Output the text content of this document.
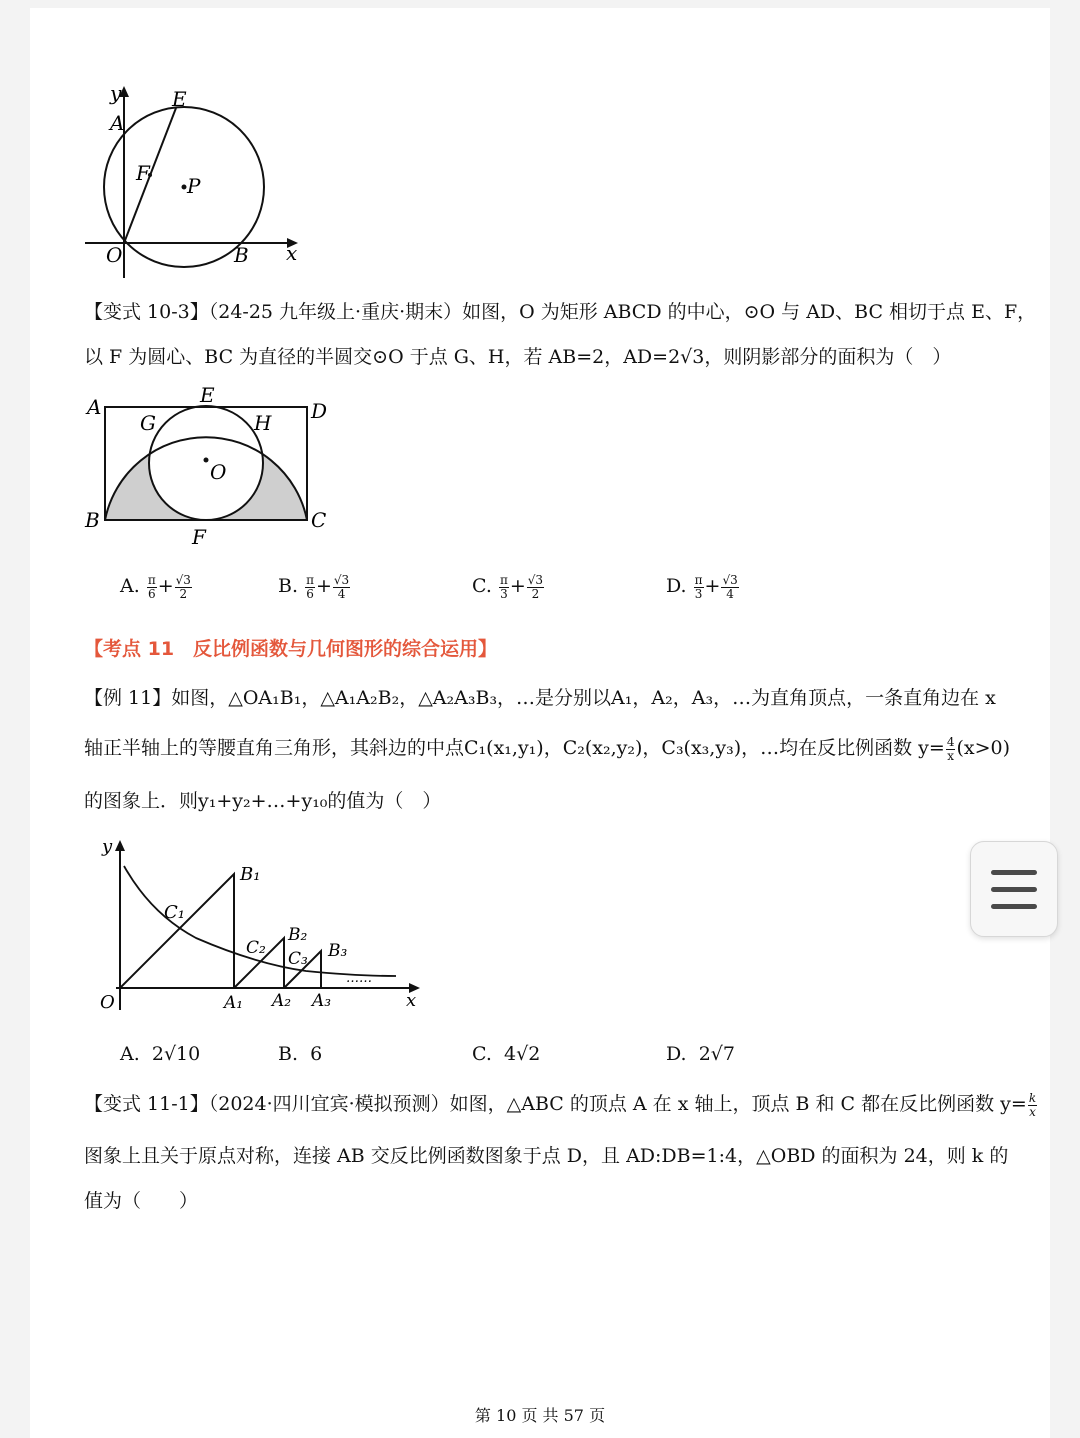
y	E
A
F
P
O	B x
【变式 10-3】（24-25 九年级上·重庆·期末）如图，O 为矩形 ABCD 的中心，⊙O 与 AD、BC 相切于点 E、F，
以 F 为圆心、BC 为直径的半圆交⊙O 于点 G、H，若 AB=2，AD=2√3，则阴影部分的面积为（　）
A	E
D
G	H
O
B	C
F
A. $\frac{\pi}{6} + \frac{√3}{2}$	B. $\frac{\pi}{6} + \frac{√3}{4}$	C. $\frac{\pi}{3} + \frac{√3}{2}$	D. $\frac{\pi}{3} + \frac{√3}{4}$
【考点 11　反比例函数与几何图形的综合运用】
【例 11】如图，△OA₁B₁，△A₁A₂B₂，△A₂A₃B₃，…是分别以A₁，A₂，A₃，…为直角顶点，一条直角边在 x
轴正半轴上的等腰直角三角形，其斜边的中点C₁(x₁,y₁)，C₂(x₂,y₂)，C₃(x₃,y₃)，…均在反比例函数 $y= \frac{4}{x} (x>0)$
的图象上．则y₁+y₂+…+y₁₀的值为（　）
y
B₁
C₁
B₂
C₂	B₃
C₃
……
O	A₁ A₂ A₃	x
A. 2√10	B. 6	C. 4√2	D. 2√7
【变式 11-1】（2024·四川宜宾·模拟预测）如图，△ABC 的顶点 A 在 x 轴上，顶点 B 和 C 都在反比例函数 $y= \frac{k}{x}$
图象上且关于原点对称，连接 AB 交反比例函数图象于点 D，且 AD:DB=1:4，△OBD 的面积为 24，则 k 的
值为（　　）
第 10 页 共 57 页
